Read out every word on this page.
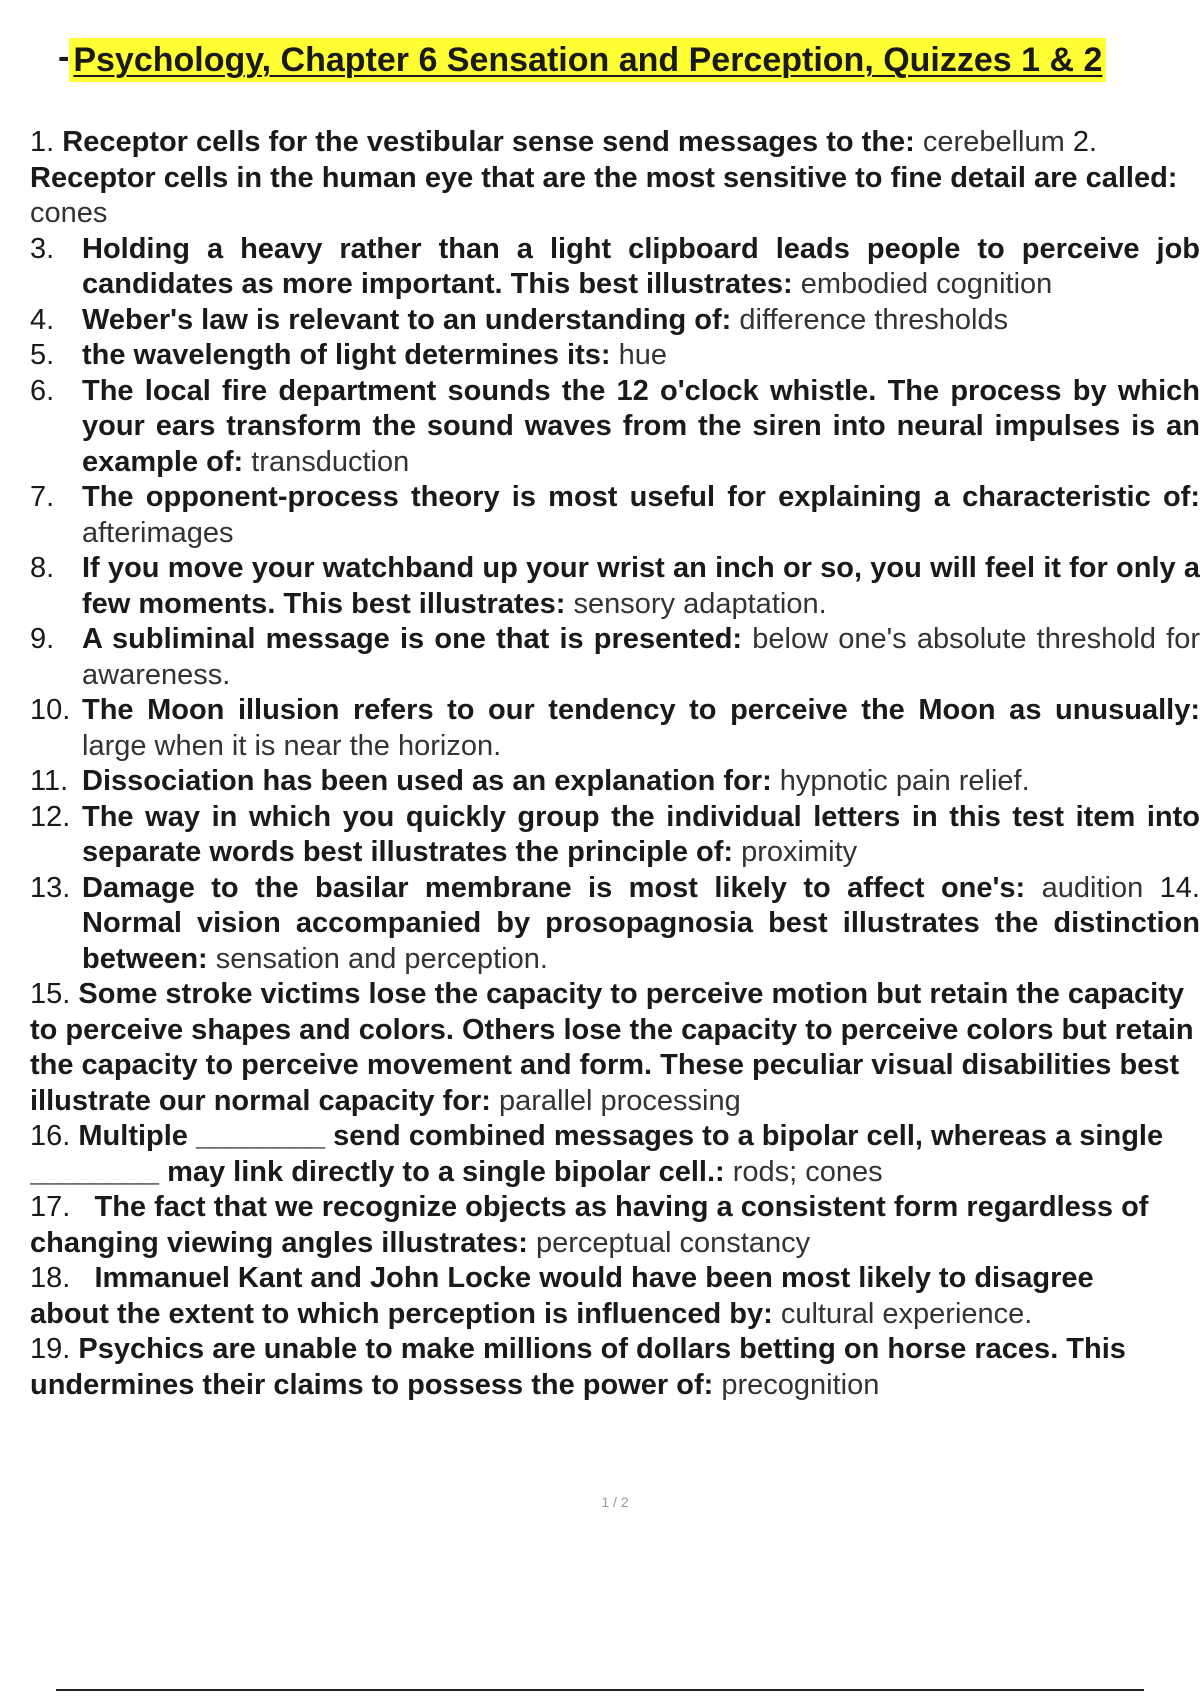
- Psychology, Chapter 6 Sensation and Perception, Quizzes 1 & 2
1. Receptor cells for the vestibular sense send messages to the: cerebellum 2.
Receptor cells in the human eye that are the most sensitive to fine detail are called: cones
3. Holding a heavy rather than a light clipboard leads people to perceive job candidates as more important. This best illustrates: embodied cognition
4. Weber's law is relevant to an understanding of: difference thresholds
5. the wavelength of light determines its: hue
6. The local fire department sounds the 12 o'clock whistle. The process by which your ears transform the sound waves from the siren into neural impulses is an example of: transduction
7. The opponent-process theory is most useful for explaining a characteristic of: afterimages
8. If you move your watchband up your wrist an inch or so, you will feel it for only a few moments. This best illustrates: sensory adaptation.
9. A subliminal message is one that is presented: below one's absolute threshold for awareness.
10. The Moon illusion refers to our tendency to perceive the Moon as unusually: large when it is near the horizon.
11. Dissociation has been used as an explanation for: hypnotic pain relief.
12. The way in which you quickly group the individual letters in this test item into separate words best illustrates the principle of: proximity
13. Damage to the basilar membrane is most likely to affect one's: audition 14. Normal vision accompanied by prosopagnosia best illustrates the distinction between: sensation and perception.
15. Some stroke victims lose the capacity to perceive motion but retain the capacity to perceive shapes and colors. Others lose the capacity to perceive colors but retain the capacity to perceive movement and form. These peculiar visual disabilities best illustrate our normal capacity for: parallel processing
16. Multiple ________ send combined messages to a bipolar cell, whereas a single ________ may link directly to a single bipolar cell.: rods; cones
17. The fact that we recognize objects as having a consistent form regardless of changing viewing angles illustrates: perceptual constancy
18. Immanuel Kant and John Locke would have been most likely to disagree about the extent to which perception is influenced by: cultural experience.
19. Psychics are unable to make millions of dollars betting on horse races. This undermines their claims to possess the power of: precognition
1 / 2
